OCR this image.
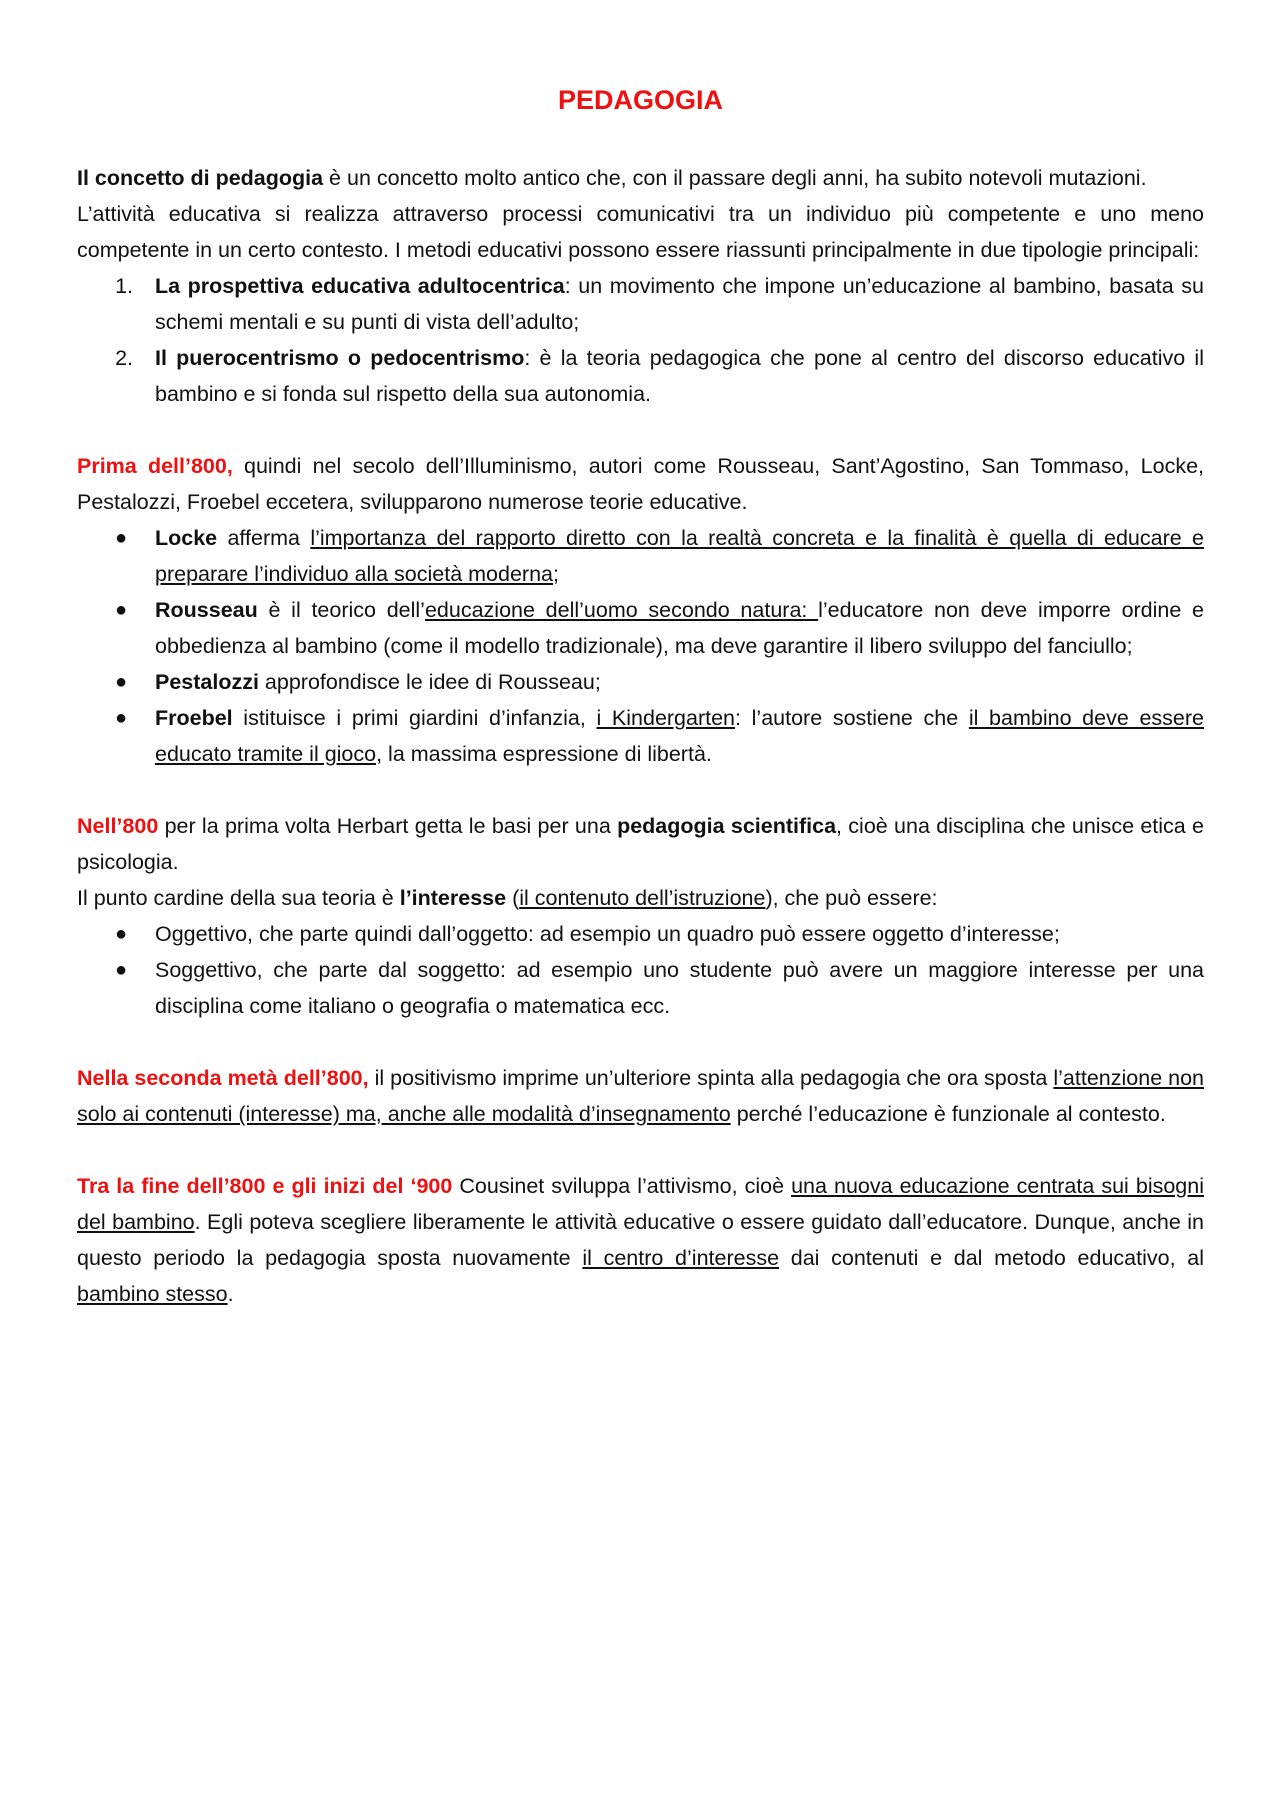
PEDAGOGIA

Il concetto di pedagogia è un concetto molto antico che, con il passare degli anni, ha subito notevoli mutazioni.

L’attività educativa si realizza attraverso processi comunicativi tra un individuo più competente e uno meno competente in un certo contesto. I metodi educativi possono essere riassunti principalmente in due tipologie principali:

1. La prospettiva educativa adultocentrica: un movimento che impone un’educazione al bambino, basata su schemi mentali e su punti di vista dell’adulto;
2. Il puerocentrismo o pedocentrismo: è la teoria pedagogica che pone al centro del discorso educativo il bambino e si fonda sul rispetto della sua autonomia.

Prima dell’800, quindi nel secolo dell’Illuminismo, autori come Rousseau, Sant’Agostino, San Tommaso, Locke, Pestalozzi, Froebel eccetera, svilupparono numerose teorie educative.

● Locke afferma l’importanza del rapporto diretto con la realtà concreta e la finalità è quella di educare e preparare l’individuo alla società moderna;
● Rousseau è il teorico dell’educazione dell’uomo secondo natura: l’educatore non deve imporre ordine e obbedienza al bambino (come il modello tradizionale), ma deve garantire il libero sviluppo del fanciullo;
● Pestalozzi approfondisce le idee di Rousseau;
● Froebel istituisce i primi giardini d’infanzia, i Kindergarten: l’autore sostiene che il bambino deve essere educato tramite il gioco, la massima espressione di libertà.

Nell’800 per la prima volta Herbart getta le basi per una pedagogia scientifica, cioè una disciplina che unisce etica e psicologia.

Il punto cardine della sua teoria è l’interesse (il contenuto dell’istruzione), che può essere:

● Oggettivo, che parte quindi dall’oggetto: ad esempio un quadro può essere oggetto d’interesse;
● Soggettivo, che parte dal soggetto: ad esempio uno studente può avere un maggiore interesse per una disciplina come italiano o geografia o matematica ecc.

Nella seconda metà dell’800, il positivismo imprime un’ulteriore spinta alla pedagogia che ora sposta l’attenzione non solo ai contenuti (interesse) ma, anche alle modalità d’insegnamento perché l’educazione è funzionale al contesto.

Tra la fine dell’800 e gli inizi del ‘900 Cousinet sviluppa l’attivismo, cioè una nuova educazione centrata sui bisogni del bambino. Egli poteva scegliere liberamente le attività educative o essere guidato dall’educatore. Dunque, anche in questo periodo la pedagogia sposta nuovamente il centro d’interesse dai contenuti e dal metodo educativo, al bambino stesso.
